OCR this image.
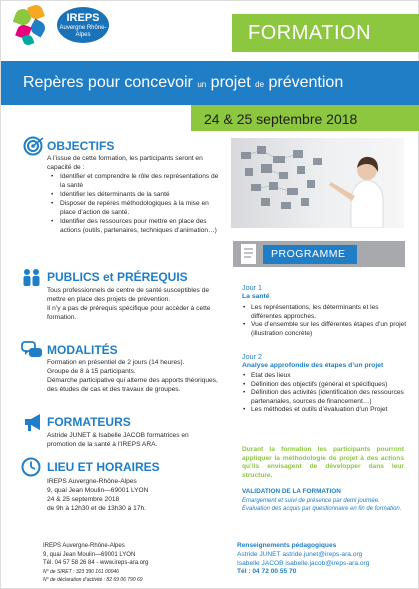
IREPS
Auvergne Rhône-Alpes	FORMATION
Repères pour concevoir un projet de prévention
24 & 25 septembre 2018
OBJECTIFS
A l’issue de cette formation, les participants seront en capacité de :
• Identifier et comprendre le rôle des représentations de la santé
• Identifier les déterminants de la santé
• Disposer de repères méthodologiques à la mise en place d’action de santé.
• Identifier des ressources pour mettre en place des actions (outils, partenaires, techniques d’animation…)
PUBLICS et PRÉREQUIS
Tous professionnels de centre de santé susceptibles de mettre en place des projets de prévention.
Il n’y a pas de prérequis spécifique pour accéder à cette formation.
MODALITÉS
Formation en présentiel de 2 jours (14 heures).
Groupe de 8 à 15 participants.
Démarche participative qui alterne des apports théoriques, des études de cas et des travaux de groupes.
FORMATEURS
Astride JUNET & Isabelle JACOB formatrices en promotion de la santé à l’IREPS ARA.
LIEU ET HORAIRES
IREPS Auvergne-Rhône-Alpes
9, quai Jean Moulin—69001 LYON
24 & 25 septembre 2018
de 9h à 12h30 et de 13h30 à 17h.
PROGRAMME
Jour 1
La santé
• Les représentations, les déterminants et les différentes approches.
• Vue d’ensemble sur les différentes étapes d’un projet (illustration concrète)
Jour 2
Analyse approfondie des étapes d’un projet
• Etat des lieux
• Définition des objectifs (général et spécifiques)
• Définition des activités (identification des ressources partenariales, sources de financement…)
• Les méthodes et outils d’évaluation d’un Projet
Durant la formation les participants pourront appliquer la méthodologie de projet à des actions qu’ils envisagent de développer dans leur structure.
VALIDATION DE LA FORMATION
Emargement et suivi de présence par demi journée. Evaluation des acquis par questionnaire en fin de formation.
IREPS Auvergne-Rhône-Alpes
9, quai Jean Moulin—69001 LYON
Tél. 04 57 58 26 84 - www.ireps-ara.org
N° de SIRET : 323 390 161 00046
N° de déclaration d’activité : 82 69 06 790 69
Renseignements pédagogiques
Astride JUNET astride.junet@ireps-ara.org
Isabelle JACOB isabelle.jacob@ireps-ara.org
Tél : 04 72 00 55 70
